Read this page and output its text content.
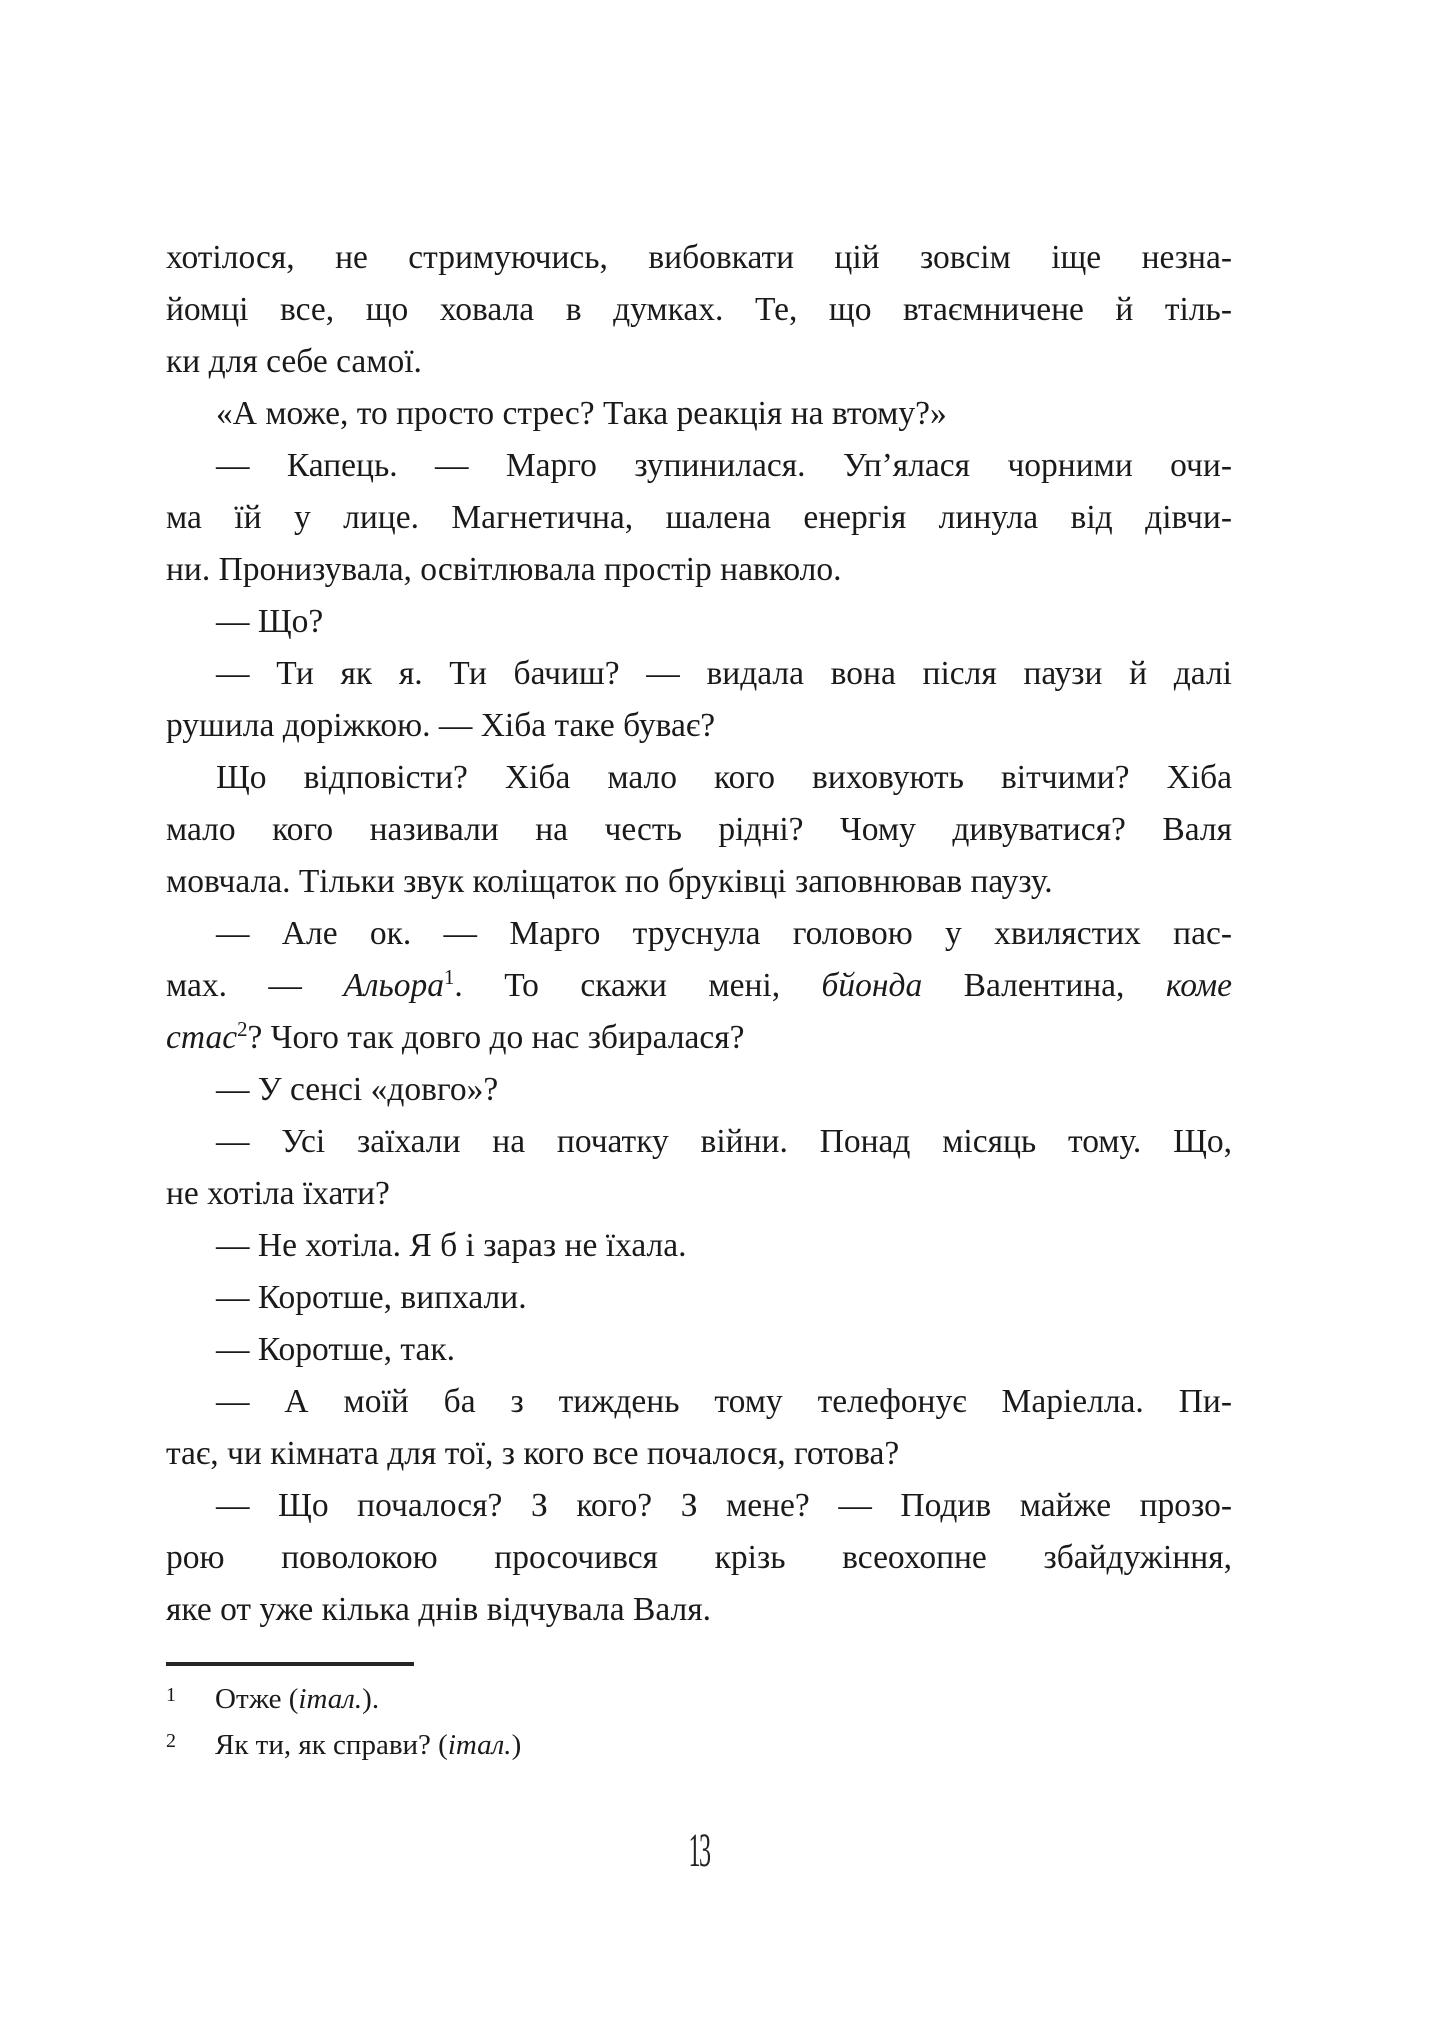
хотілося, не стримуючись, вибовкати цій зовсім іще незна-
йомці все, що ховала в думках. Те, що втаємничене й тіль-
ки для себе самої.
«А може, то просто стрес? Така реакція на втому?»
— Капець. — Марго зупинилася. Уп’ялася чорними очи-
ма їй у лице. Магнетична, шалена енергія линула від дівчи-
ни. Пронизувала, освітлювала простір навколо.
— Що?
— Ти як я. Ти бачиш? — видала вона після паузи й далі
рушила доріжкою. — Хіба таке буває?
Що відповісти? Хіба мало кого виховують вітчими? Хіба
мало кого називали на честь рідні? Чому дивуватися? Валя
мовчала. Тільки звук коліщаток по бруківці заповнював паузу.
— Але ок. — Марго труснула головою у хвилястих пас-
мах. — Альора$^1$. То скажи мені, бйонда Валентина, коме
стас$^2$? Чого так довго до нас збиралася?
— У сенсі «довго»?
— Усі заїхали на початку війни. Понад місяць тому. Що,
не хотіла їхати?
— Не хотіла. Я б і зараз не їхала.
— Коротше, випхали.
— Коротше, так.
— А моїй ба з тиждень тому телефонує Маріелла. Пи-
тає, чи кімната для тої, з кого все почалося, готова?
— Що почалося? З кого? З мене? — Подив майже прозо-
рою поволокою просочився крізь всеохопне збайдужіння,
яке от уже кілька днів відчувала Валя.
1 Отже (італ.).
2 Як ти, як справи? (італ.)
13
